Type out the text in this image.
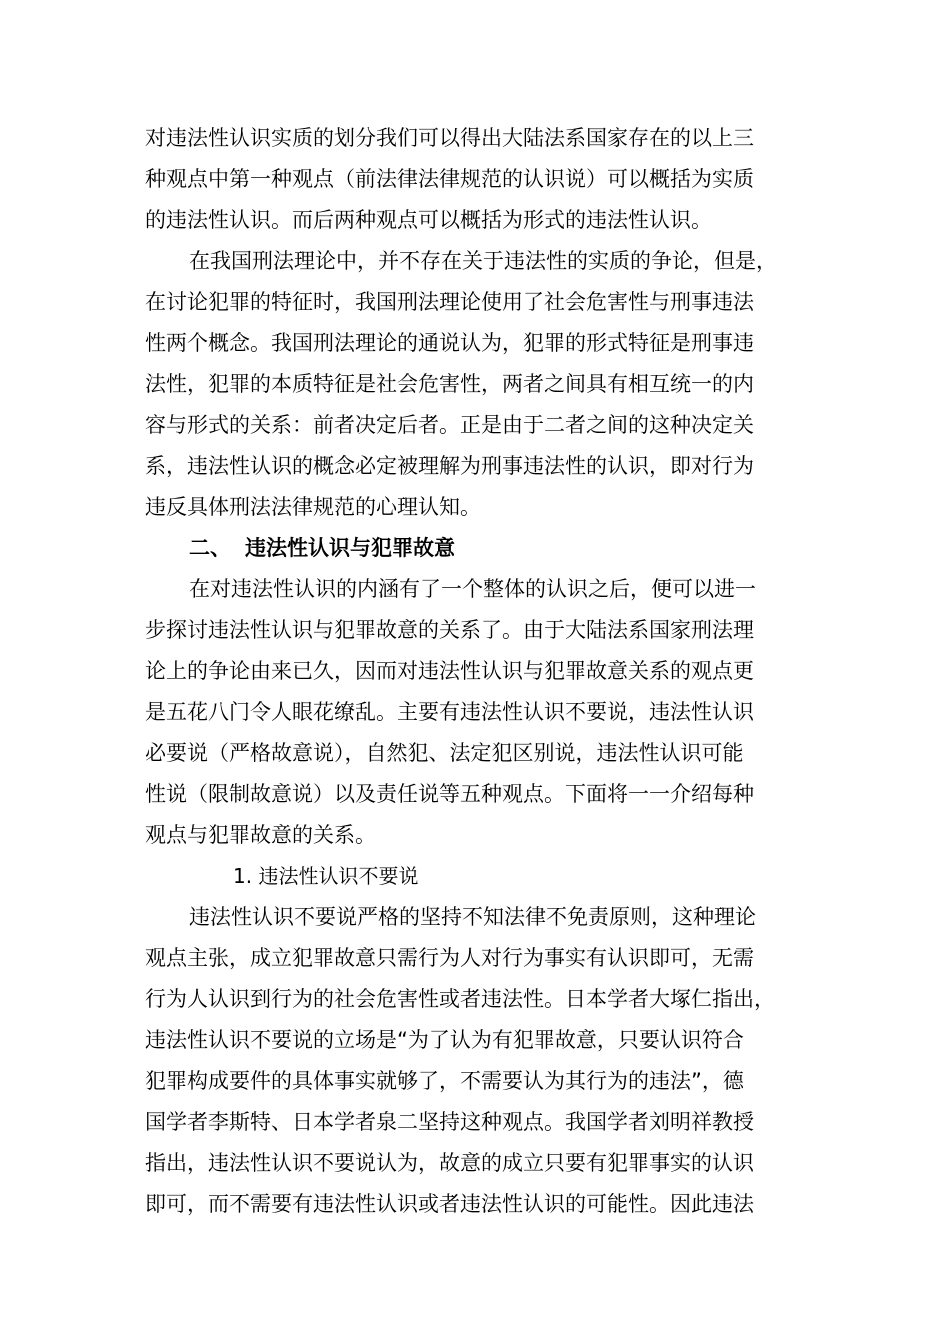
对违法性认识实质的划分我们可以得出大陆法系国家存在的以上三
种观点中第一种观点（前法律法律规范的认识说）可以概括为实质
的违法性认识。而后两种观点可以概括为形式的违法性认识。
在我国刑法理论中，并不存在关于违法性的实质的争论，但是，
在讨论犯罪的特征时，我国刑法理论使用了社会危害性与刑事违法
性两个概念。我国刑法理论的通说认为，犯罪的形式特征是刑事违
法性，犯罪的本质特征是社会危害性，两者之间具有相互统一的内
容与形式的关系：前者决定后者。正是由于二者之间的这种决定关
系，违法性认识的概念必定被理解为刑事违法性的认识，即对行为
违反具体刑法法律规范的心理认知。
二、 违法性认识与犯罪故意
在对违法性认识的内涵有了一个整体的认识之后，便可以进一
步探讨违法性认识与犯罪故意的关系了。由于大陆法系国家刑法理
论上的争论由来已久，因而对违法性认识与犯罪故意关系的观点更
是五花八门令人眼花缭乱。主要有违法性认识不要说，违法性认识
必要说（严格故意说），自然犯、法定犯区别说，违法性认识可能
性说（限制故意说）以及责任说等五种观点。下面将一一介绍每种
观点与犯罪故意的关系。
1. 违法性认识不要说
违法性认识不要说严格的坚持不知法律不免责原则，这种理论
观点主张，成立犯罪故意只需行为人对行为事实有认识即可，无需
行为人认识到行为的社会危害性或者违法性。日本学者大塚仁指出，
违法性认识不要说的立场是“为了认为有犯罪故意，只要认识符合
犯罪构成要件的具体事实就够了，不需要认为其行为的违法”，德
国学者李斯特、日本学者泉二坚持这种观点。我国学者刘明祥教授
指出，违法性认识不要说认为，故意的成立只要有犯罪事实的认识
即可，而不需要有违法性认识或者违法性认识的可能性。因此违法
